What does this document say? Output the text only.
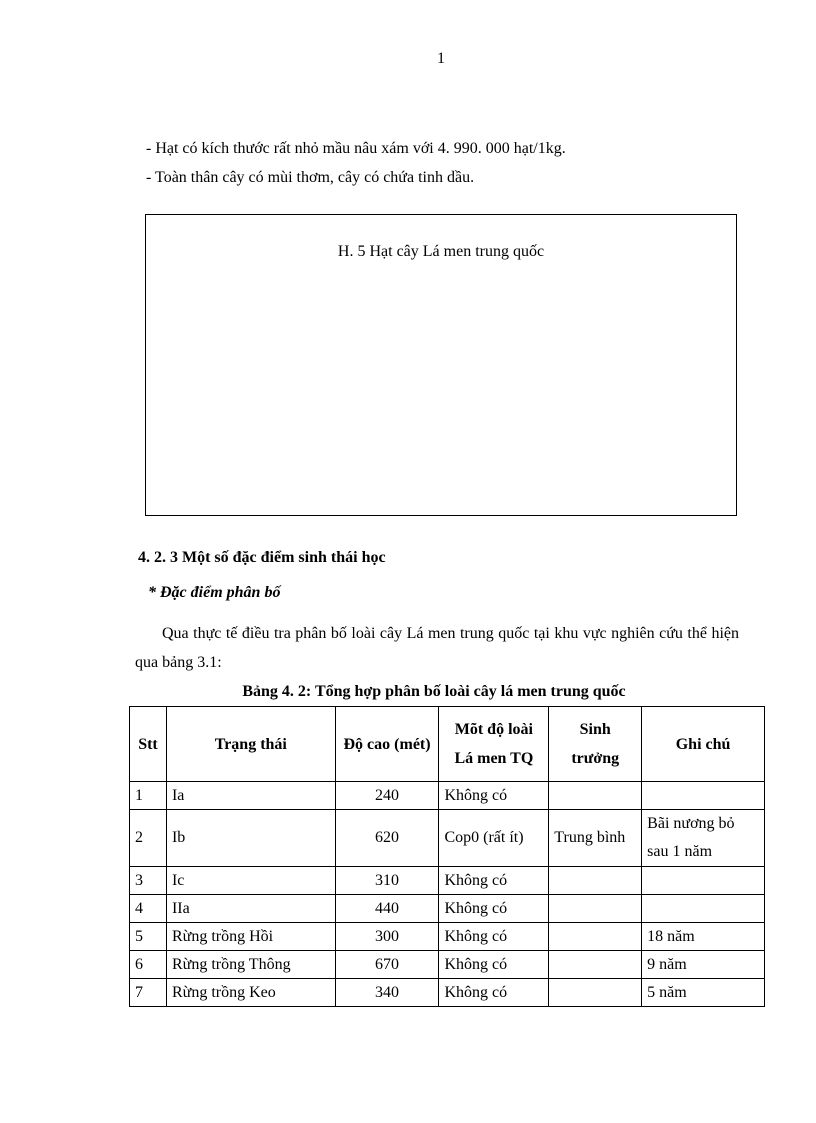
1
- Hạt có kích thước rất nhỏ mầu nâu xám với 4. 990. 000 hạt/1kg.
- Toàn thân cây có mùi thơm, cây có chứa tinh dầu.
H. 5 Hạt cây Lá men trung quốc
4. 2. 3 Một số đặc điểm sinh thái học
* Đặc điểm phân bố
Qua thực tế điều tra phân bố loài cây Lá men trung quốc tại khu vực nghiên cứu thể hiện qua bảng 3.1:
Bảng 4. 2: Tổng hợp phân bố loài cây lá men trung quốc
Stt	Trạng thái	Độ cao (mét)	Mõt độ loài Lá men TQ	Sinh trưởng	Ghi chú
1	Ia	240	Không có		
2	Ib	620	Cop0 (rất ít)	Trung bình	Bãi nương bỏ sau 1 năm
3	Ic	310	Không có		
4	IIa	440	Không có		
5	Rừng trồng Hồi	300	Không có		18 năm
6	Rừng trồng Thông	670	Không có		9 năm
7	Rừng trồng Keo	340	Không có		5 năm
